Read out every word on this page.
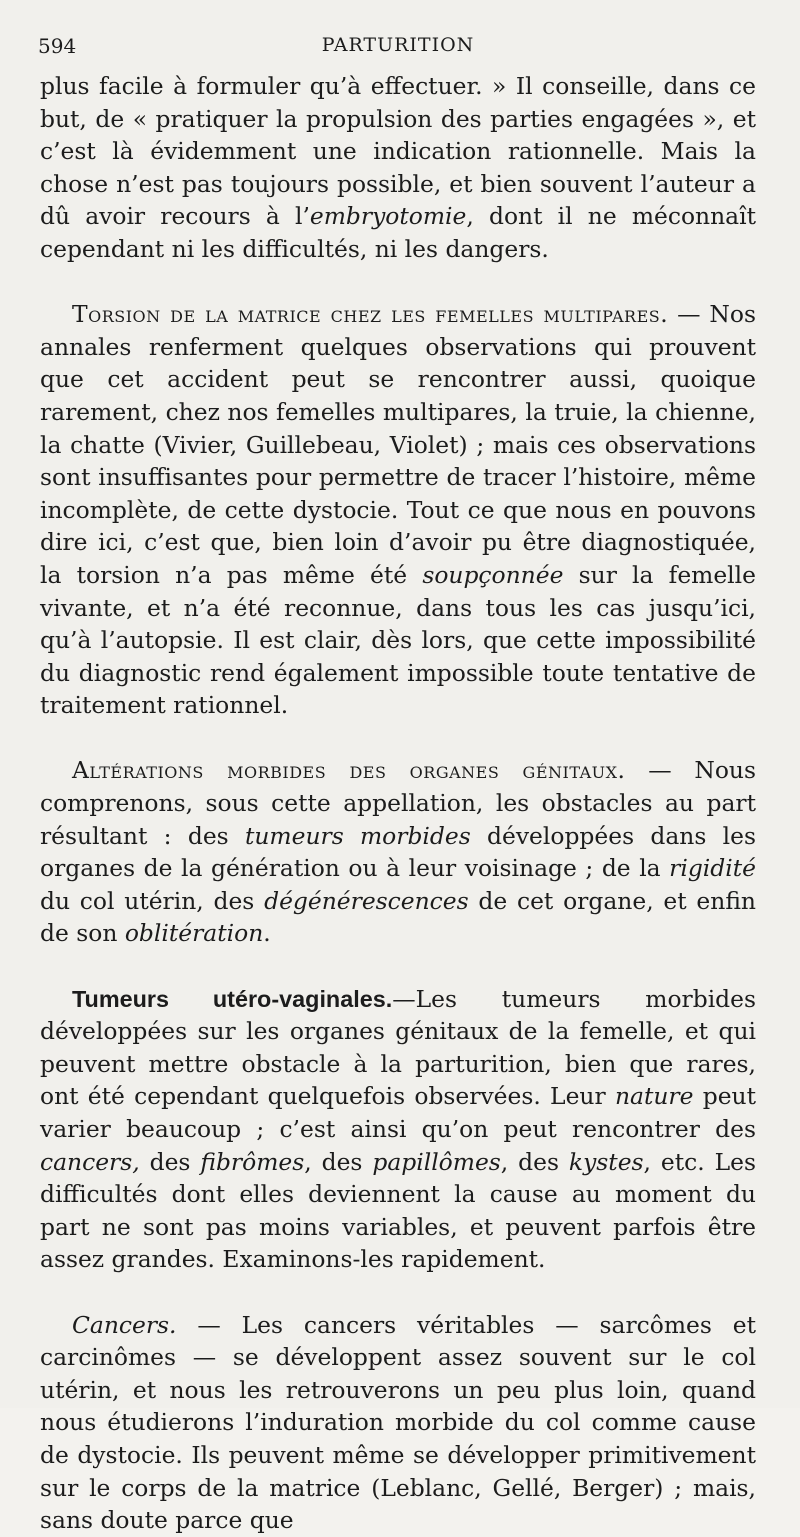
594	PARTURITION

plus facile à formuler qu’à effectuer. » Il conseille, dans ce but, de « pratiquer la propulsion des parties engagées », et c’est là évidemment une indication rationnelle. Mais la chose n’est pas toujours possible, et bien souvent l’auteur a dû avoir recours à l’embryotomie, dont il ne méconnaît cependant ni les difficultés, ni les dangers.

Torsion de la matrice chez les femelles multipares. — Nos annales renferment quelques observations qui prouvent que cet accident peut se rencontrer aussi, quoique rarement, chez nos femelles multipares, la truie, la chienne, la chatte (Vivier, Guillebeau, Violet) ; mais ces observations sont insuffisantes pour permettre de tracer l’histoire, même incomplète, de cette dystocie. Tout ce que nous en pouvons dire ici, c’est que, bien loin d’avoir pu être diagnostiquée, la torsion n’a pas même été soupçonnée sur la femelle vivante, et n’a été reconnue, dans tous les cas jusqu’ici, qu’à l’autopsie. Il est clair, dès lors, que cette impossibilité du diagnostic rend également impossible toute tentative de traitement rationnel.

Altérations morbides des organes génitaux. — Nous comprenons, sous cette appellation, les obstacles au part résultant : des tumeurs morbides développées dans les organes de la génération ou à leur voisinage ; de la rigidité du col utérin, des dégénérescences de cet organe, et enfin de son oblitération.

Tumeurs utéro-vaginales.—Les tumeurs morbides développées sur les organes génitaux de la femelle, et qui peuvent mettre obstacle à la parturition, bien que rares, ont été cependant quelquefois observées. Leur nature peut varier beaucoup ; c’est ainsi qu’on peut rencontrer des cancers, des fibrômes, des papillômes, des kystes, etc. Les difficultés dont elles deviennent la cause au moment du part ne sont pas moins variables, et peuvent parfois être assez grandes. Examinons-les rapidement.

Cancers. — Les cancers véritables — sarcômes et carcinômes — se développent assez souvent sur le col utérin, et nous les retrouverons un peu plus loin, quand nous étudierons l’induration morbide du col comme cause de dystocie. Ils peuvent même se développer primitivement sur le corps de la matrice (Leblanc, Gellé, Berger) ; mais, sans doute parce que
